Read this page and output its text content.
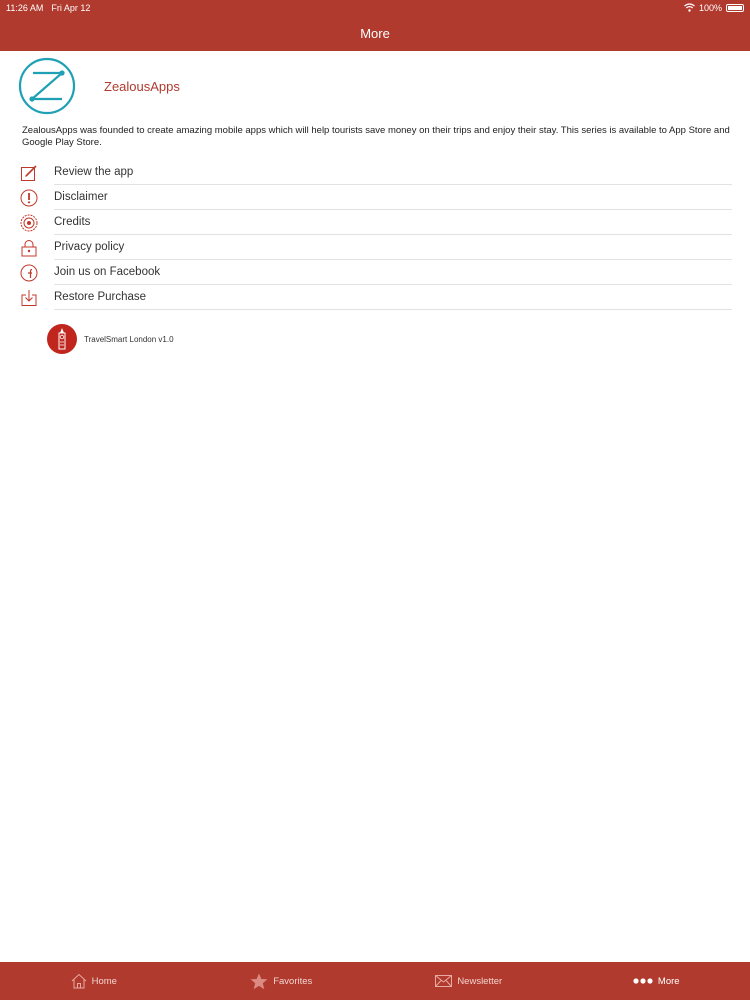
11:26 AM Fri Apr 12	100%
More
ZealousApps

ZealousApps was founded to create amazing mobile apps which will help tourists save money on their trips and enjoy their stay. This series is available to App Store and Google Play Store.

Review the app
Disclaimer
Credits
Privacy policy
Join us on Facebook
Restore Purchase
TravelSmart London v1.0
Home	Favorites	Newsletter	More
